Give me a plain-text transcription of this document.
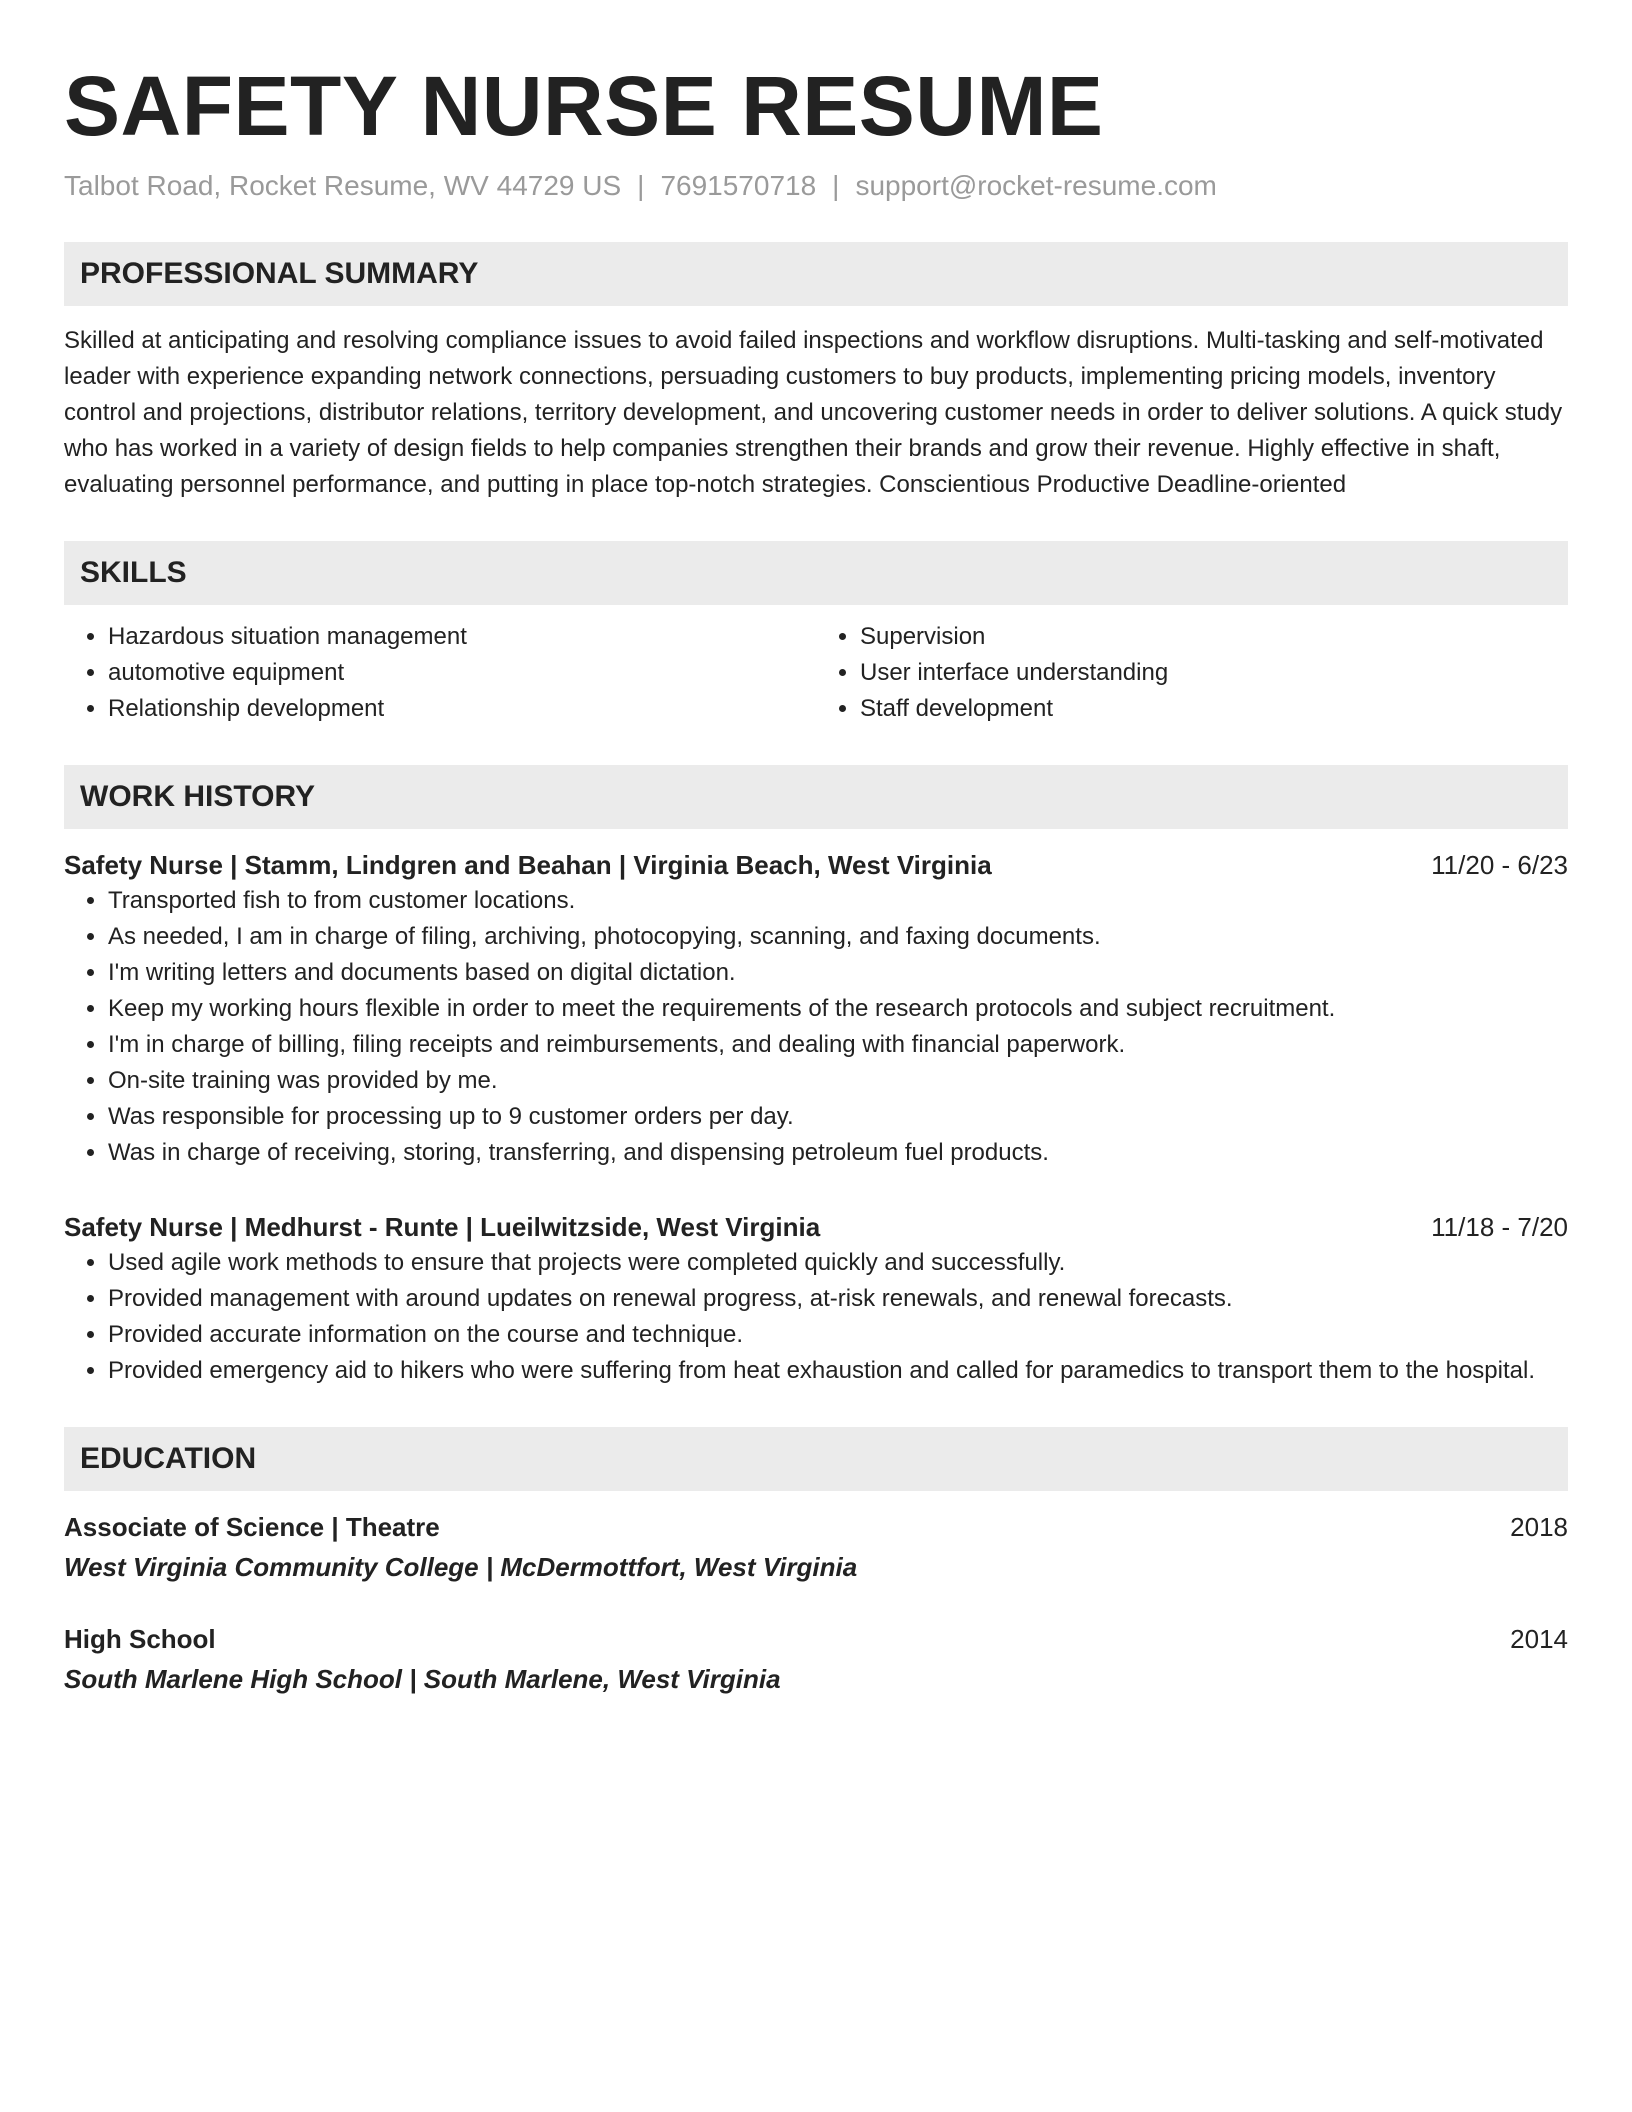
SAFETY NURSE RESUME
Talbot Road, Rocket Resume, WV 44729 US | 7691570718 | support@rocket-resume.com
PROFESSIONAL SUMMARY

Skilled at anticipating and resolving compliance issues to avoid failed inspections and workflow disruptions. Multi-tasking and self-motivated leader with experience expanding network connections, persuading customers to buy products, implementing pricing models, inventory control and projections, distributor relations, territory development, and uncovering customer needs in order to deliver solutions. A quick study who has worked in a variety of design fields to help companies strengthen their brands and grow their revenue. Highly effective in shaft, evaluating personnel performance, and putting in place top-notch strategies. Conscientious Productive Deadline-oriented

SKILLS
• Hazardous situation management
• automotive equipment
• Relationship development
• Supervision
• User interface understanding
• Staff development
WORK HISTORY
Safety Nurse | Stamm, Lindgren and Beahan | Virginia Beach, West Virginia	11/20 - 6/23
• Transported fish to from customer locations.
• As needed, I am in charge of filing, archiving, photocopying, scanning, and faxing documents.
• I'm writing letters and documents based on digital dictation.
• Keep my working hours flexible in order to meet the requirements of the research protocols and subject recruitment.
• I'm in charge of billing, filing receipts and reimbursements, and dealing with financial paperwork.
• On-site training was provided by me.
• Was responsible for processing up to 9 customer orders per day.
• Was in charge of receiving, storing, transferring, and dispensing petroleum fuel products.
Safety Nurse | Medhurst - Runte | Lueilwitzside, West Virginia	11/18 - 7/20
• Used agile work methods to ensure that projects were completed quickly and successfully.
• Provided management with around updates on renewal progress, at-risk renewals, and renewal forecasts.
• Provided accurate information on the course and technique.
• Provided emergency aid to hikers who were suffering from heat exhaustion and called for paramedics to transport them to the hospital.
EDUCATION
Associate of Science | Theatre	2018
West Virginia Community College | McDermottfort, West Virginia
High School	2014
South Marlene High School | South Marlene, West Virginia
